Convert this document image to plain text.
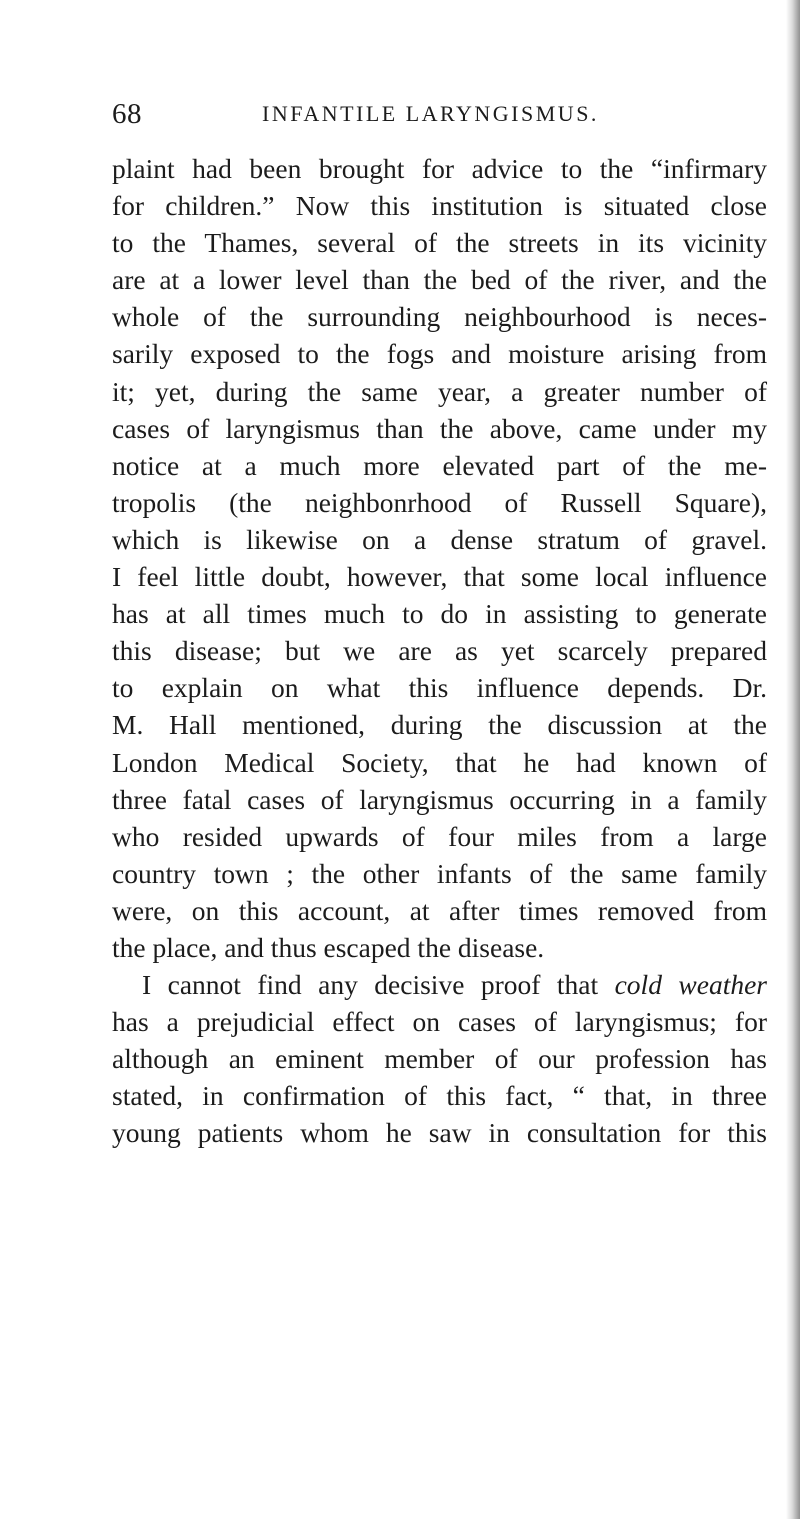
68	INFANTILE LARYNGISMUS.
plaint had been brought for advice to the “infirmary
for children.” Now this institution is situated close
to the Thames, several of the streets in its vicinity
are at a lower level than the bed of the river, and the
whole of the surrounding neighbourhood is neces-
sarily exposed to the fogs and moisture arising from
it; yet, during the same year, a greater number of
cases of laryngismus than the above, came under my
notice at a much more elevated part of the me-
tropolis (the neighbonrhood of Russell Square),
which is likewise on a dense stratum of gravel.
I feel little doubt, however, that some local influence
has at all times much to do in assisting to generate
this disease; but we are as yet scarcely prepared
to explain on what this influence depends. Dr.
M. Hall mentioned, during the discussion at the
London Medical Society, that he had known of
three fatal cases of laryngismus occurring in a family
who resided upwards of four miles from a large
country town ; the other infants of the same family
were, on this account, at after times removed from
the place, and thus escaped the disease.
I cannot find any decisive proof that cold weather
has a prejudicial effect on cases of laryngismus; for
although an eminent member of our profession has
stated, in confirmation of this fact, “ that, in three
young patients whom he saw in consultation for this
